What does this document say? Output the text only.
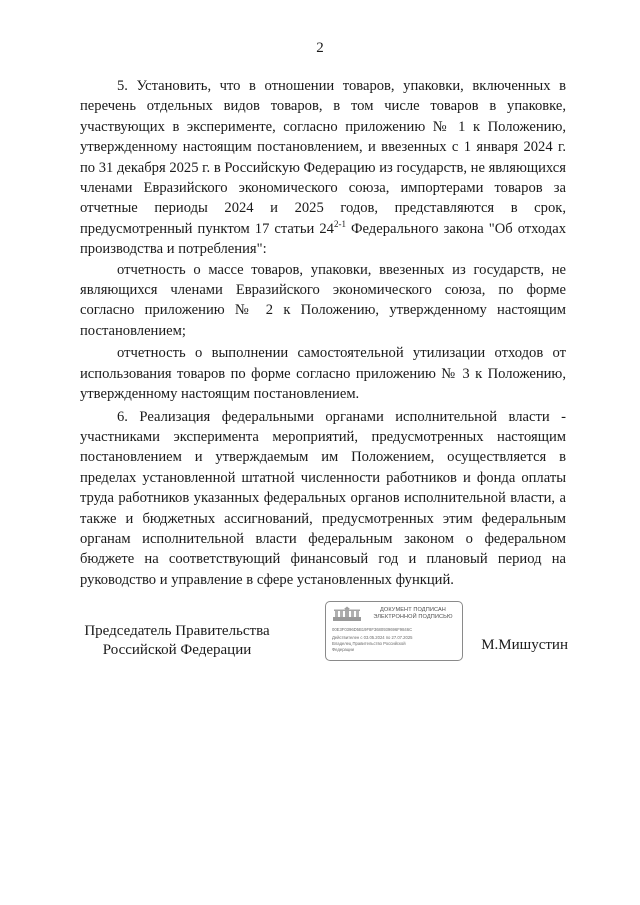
2

5. Установить, что в отношении товаров, упаковки, включенных в перечень отдельных видов товаров, в том числе товаров в упаковке, участвующих в эксперименте, согласно приложению № 1 к Положению, утвержденному настоящим постановлением, и ввезенных с 1 января 2024 г. по 31 декабря 2025 г. в Российскую Федерацию из государств, не являющихся членами Евразийского экономического союза, импортерами товаров за отчетные периоды 2024 и 2025 годов, представляются в срок, предусмотренный пунктом 17 статьи 24$^{2-1}$ Федерального закона "Об отходах производства и потребления":

отчетность о массе товаров, упаковки, ввезенных из государств, не являющихся членами Евразийского экономического союза, по форме согласно приложению № 2 к Положению, утвержденному настоящим постановлением;

отчетность о выполнении самостоятельной утилизации отходов от использования товаров по форме согласно приложению № 3 к Положению, утвержденному настоящим постановлением.

6. Реализация федеральными органами исполнительной власти - участниками эксперимента мероприятий, предусмотренных настоящим постановлением и утверждаемым им Положением, осуществляется в пределах установленной штатной численности работников и фонда оплаты труда работников указанных федеральных органов исполнительной власти, а также и бюджетных ассигнований, предусмотренных этим федеральным органам исполнительной власти федеральным законом о федеральном бюджете на соответствующий финансовый год и плановый период на руководство и управление в сфере установленных функций.

Председатель Правительства
Российской Федерации
ДОКУМЕНТ ПОДПИСАН
ЭЛЕКТРОННОЙ ПОДПИСЬЮ
00E3F0396D5B19F8F3680939696F9846C
Действителен с 03.05.2024 по 27.07.2025
Владелец Правительство Российской
Федерации	М.Мишустин
